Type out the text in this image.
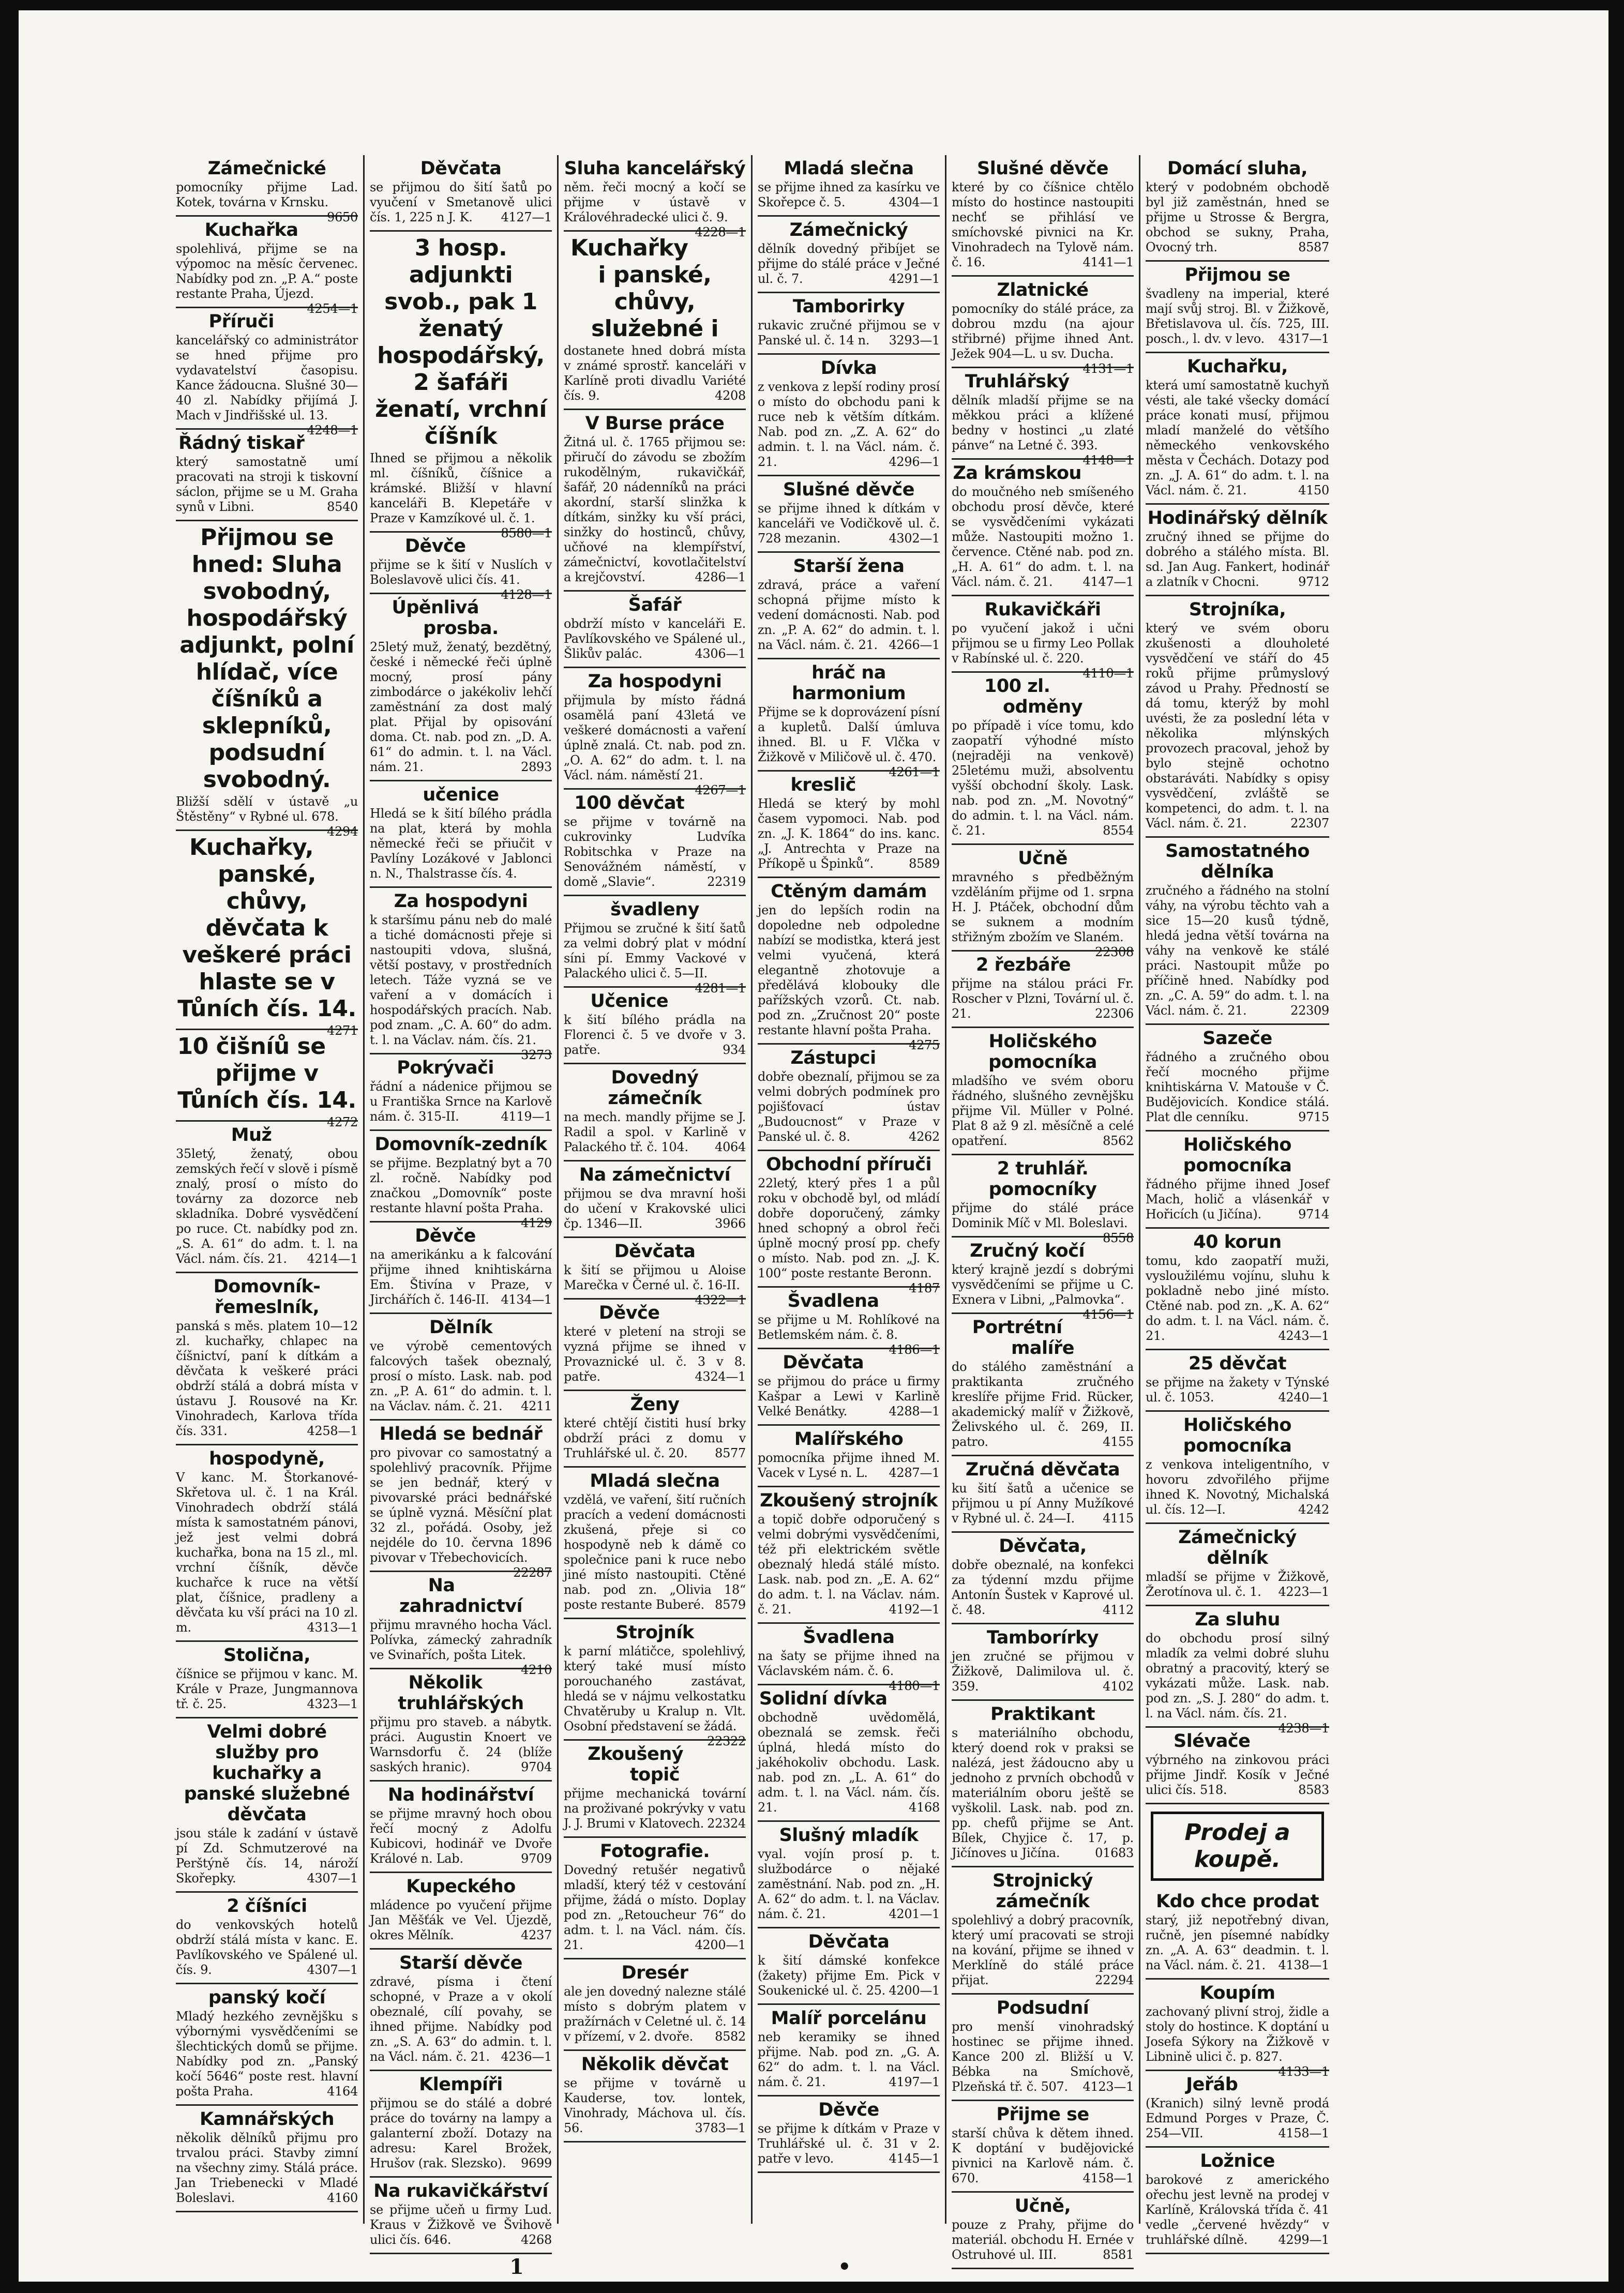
Zámečnické

pomocníky přijme Lad. Kotek, továrna v Krnsku.
9650

Kuchařka

spolehlivá, přijme se na výpomoc na měsíc červenec. Nabídky pod zn. „P. A.“ poste restante Praha, Újezd.
4254—1

Příruči

kancelářský co administrátor se hned přijme pro vydavatelství časopisu. Kance žádoucna. Slušné 30—40 zl. Nabídky přijímá J. Mach v Jindřišské ul. 13.
4248—1

Řádný tiskař

který samostatně umí pracovati na stroji k tiskovní sáclon, přijme se u M. Graha synů v Libni.	8540

Přijmou se hned: Sluha svobodný, hospodářský adjunkt, polní hlídač, více číšníků a sklepníků, podsudní svobodný.

Bližší sdělí v ústavě „u Štěstěny“ v Rybné ul. 678.
4294

Kuchařky, panské, chůvy, děvčata k veškeré práci hlaste se v Tůních čís. 14.

4271

10 čišníů se přijme v Tůních čís. 14.

4272

Muž

35letý, ženatý, obou zemských řečí v slově i písmě znalý, prosí o místo do továrny za dozorce neb skladníka. Dobré vysvědčení po ruce. Ct. nabídky pod zn. „S. A. 61“ do adm. t. l. na Václ. nám. čís. 21. 4214—1

Domovník-řemeslník,

panská s měs. platem 10—12 zl. kuchařky, chlapec na číšnictví, paní k dítkám a děvčata k veškeré práci obdrží stálá a dobrá místa v ústavu J. Rousové na Kr. Vinohradech, Karlova třída čís. 331.	4258—1

hospodyně,

V kanc. M. Štorkanové-Skřetova ul. č. 1 na Král. Vinohradech obdrží stálá místa k samostatném pánovi, jež jest velmi dobrá kuchařka, bona na 15 zl., ml. vrchní číšník, děvče kuchařce k ruce na větší plat, číšnice, pradleny a děvčata ku vší práci na 10 zl. m.	4313—1

Stolična,

číšnice se přijmou v kanc. M. Krále v Praze, Jungmannova tř. č. 25.	4323—1

Velmi dobré služby pro kuchařky a panské služebné děvčata

jsou stále k zadání v ústavě pí Zd. Schmutzerové na Perštýně čís. 14, nároží Skořepky.	4307—1

2 číšníci

do venkovských hotelů obdrží stálá místa v kanc. E. Pavlíkovského ve Spálené ul. čís. 9.	4307—1

panský kočí

Mladý hezkého zevnějšku s výbornými vysvědčeními se šlechtických domů se přijme. Nabídky pod zn. „Panský kočí 5646“ poste rest. hlavní pošta Praha.	4164

Kamnářských

několik dělníků přijmu pro trvalou práci. Stavby zimní na všechny zimy. Stálá práce. Jan Triebenecki v Mladé Boleslavi.	4160

Děvčata

se přijmou do šití šatů po vyučení v Smetanově ulici čís. 1, 225 n J. K. 4127—1

3 hosp. adjunkti svob., pak 1 ženatý hospodářský, 2 šafáři ženatí, vrchní číšník

Ihned se přijmou a několik ml. číšníků, číšnice a krámské. Bližší v hlavní kanceláři B. Klepetáře v Praze v Kamzíkové ul. č. 1.
8580—1

Děvče

přijme se k šití v Nuslích v Boleslavově ulici čís. 41.
4128—1

Úpěnlivá prosba.

25letý muž, ženatý, bezdětný, české i německé řeči úplně mocný, prosí pány zimbodárce o jakékoliv lehčí zaměstnání za dost malý plat. Přijal by opisování doma. Ct. nab. pod zn. „D. A. 61“ do admin. t. l. na Václ. nám. 21.	2893

učenice

Hledá se k šití bílého prádla na plat, která by mohla německé řeči se přiučit v Pavlíny Lozákové v Jablonci n. N., Thalstrasse čís. 4.

Za hospodyni

k staršímu pánu neb do malé a tiché domácnosti přeje si nastoupiti vdova, slušná, větší postavy, v prostředních letech. Táže vyzná se ve vaření a v domácích i hospodářských pracích. Nab. pod znam. „C. A. 60“ do adm. t. l. na Václav. nám. čís. 21.
3273

Pokrývači

řádní a nádenice přijmou se u Františka Srnce na Karlově nám. č. 315-II.	4119—1

Domovník-zedník

se přijme. Bezplatný byt a 70 zl. ročně. Nabídky pod značkou „Domovník“ poste restante hlavní pošta Praha.
4129

Děvče

na amerikánku a k falcování přijme ihned knihtiskárna Em. Štivína v Praze, v Jirchářích č. 146-II. 4134—1

Dělník

ve výrobě cementových falcových tašek obeznalý, prosí o místo. Lask. nab. pod zn. „P. A. 61“ do admin. t. l. na Václav. nám. č. 21. 4211

Hledá se bednář

pro pivovar co samostatný a spolehlivý pracovník. Přijme se jen bednář, který v pivovarské práci bednářské se úplně vyzná. Měsíční plat 32 zl., pořádá. Osoby, jež nejdéle do 10. června 1896 pivovar v Třebechovicích.
22287

Na zahradnictví

přijmu mravného hocha Václ. Polívka, zámecký zahradník ve Svinařích, pošta Litek.
4210

Několik truhlářských

přijmu pro staveb. a nábytk. práci. Augustin Knoert ve Warnsdorfu č. 24 (blíže saských hranic).	9704

Na hodinářství

se přijme mravný hoch obou řečí mocný z Adolfu Kubicovi, hodinář ve Dvoře Králové n. Lab.	9709

Kupeckého

mládence po vyučení přijme Jan Měšťák ve Vel. Újezdě, okres Mělník.	4237

Starší děvče

zdravé, písma i čtení schopné, v Praze a v okolí obeznalé, cílí povahy, se ihned přijme. Nabídky pod zn. „S. A. 63“ do admin. t. l. na Václ. nám. č. 21. 4236—1

Klempíři

přijmou se do stálé a dobré práce do továrny na lampy a galanterní zboží. Dotazy na adresu: Karel Brožek, Hrušov (rak. Slezsko). 9699

Na rukavičkářství

se přijme učeň u firmy Lud. Kraus v Žižkově ve Švihově ulici čís. 646.	4268

Sluha kancelářský

něm. řeči mocný a kočí se přijme v ústavě v Královéhradecké ulici č. 9.
4228—1

Kuchařky i panské, chůvy, služebné i

dostanete hned dobrá místa v známé sprostř. kanceláři v Karlíně proti divadlu Variété čís. 9.	4208

V Burse práce

Žitná ul. č. 1765 přijmou se: přiručí do závodu se zbožím rukodělným, rukavičkář, šafář, 20 nádenníků na práci akordní, starší slinžka k dítkám, sinžky ku vší práci, sinžky do hostinců, chůvy, učňové na klempířství, zámečnictví, kovotlačitelství a krejčovství.	4286—1

Šafář

obdrží místo v kanceláři E. Pavlíkovského ve Spálené ul., Šlikův palác.	4306—1

Za hospodyni

přijmula by místo řádná osamělá paní 43letá ve veškeré domácnosti a vaření úplně znalá. Ct. nab. pod zn. „O. A. 62“ do adm. t. l. na Václ. nám. náměstí 21.
4267—1

100 děvčat

se přijme v továrně na cukrovinky Ludvíka Robitschka v Praze na Senovážném náměstí, v domě „Slavie“.	22319

švadleny

Přijmou se zručné k šití šatů za velmi dobrý plat v módní síni pí. Emmy Vackové v Palackého ulici č. 5—II.
4281—1

Učenice

k šití bílého prádla na Florenci č. 5 ve dvoře v 3. patře.	934

Dovedný zámečník

na mech. mandly přijme se J. Radil a spol. v Karlině v Palackého tř. č. 104. 4064

Na zámečnictví

přijmou se dva mravní hoši do učení v Krakovské ulici čp. 1346—II.	3966

Děvčata

k šití se přijmou u Aloise Marečka v Černé ul. č. 16-II.
4322—1

Děvče

které v pletení na stroji se vyzná přijme se ihned v Provaznické ul. č. 3 v 8. patře.	4324—1

Ženy

které chtějí čistiti husí brky obdrží práci z domu v Truhlářské ul. č. 20. 8577

Mladá slečna

vzdělá, ve vaření, šití ručních pracích a vedení domácnosti zkušená, přeje si co hospodyně neb k dámě co společnice pani k ruce nebo jiné místo nastoupiti. Ctěné nab. pod zn. „Olivia 18“ poste restante Buberé. 8579

Strojník

k parní mlátičce, spolehlivý, který také musí místo porouchaného zastávat, hledá se v nájmu velkostatku Chvatěruby u Kralup n. Vlt. Osobní představení se žádá.
22322

Zkoušený topič

přijme mechanická tovární na proživané pokrývky v vatu J. J. Brumi v Klatovech. 22324

Fotografie.

Dovedný retušér negativů mladší, který též v cestování přijme, žádá o místo. Doplay pod zn. „Retoucheur 76“ do adm. t. l. na Václ. nám. čís. 21.	4200—1

Dresér

ale jen dovedný nalezne stálé místo s dobrým platem v pražírnách v Celetné ul. č. 14 v přízemí, v 2. dvoře. 8582

Několik děvčat

se přijme v továrně u Kauderse, tov. lontek, Vinohrady, Máchova ul. čís. 56.	3783—1

Mladá slečna

se přijme ihned za kasírku ve Skořepce č. 5.	4304—1

Zámečnický

dělník dovedný přibíjet se přijme do stálé práce v Ječné ul. č. 7.	4291—1

Tamborirky

rukavic zručné přijmou se v Panské ul. č. 14 n. 3293—1

Dívka

z venkova z lepší rodiny prosí o místo do obchodu pani k ruce neb k větším dítkám. Nab. pod zn. „Z. A. 62“ do admin. t. l. na Václ. nám. č. 21.	4296—1

Slušné děvče

se přijme ihned k dítkám v kanceláři ve Vodičkově ul. č. 728 mezanin.	4302—1

Starší žena

zdravá, práce a vaření schopná přijme místo k vedení domácnosti. Nab. pod zn. „P. A. 62“ do admin. t. l. na Václ. nám. č. 21. 4266—1

hráč na harmonium

Přijme se k doprovázení písní a kupletů. Další úmluva ihned. Bl. u F. Vlčka v Žižkově v Miličově ul. č. 470.
4261—1

kreslič

Hledá se který by mohl časem vypomoci. Nab. pod zn. „J. K. 1864“ do ins. kanc. „J. Antrechta v Praze na Příkopě u Špinků“.	8589

Ctěným damám

jen do lepších rodin na dopoledne neb odpoledne nabízí se modistka, která jest velmi vyučená, která elegantně zhotovuje a předělává klobouky dle pařížských vzorů. Ct. nab. pod zn. „Zručnost 20“ poste restante hlavní pošta Praha.
4275

Zástupci

dobře obeznalí, přijmou se za velmi dobrých podmínek pro pojišťovací ústav „Budoucnost“ v Praze v Panské ul. č. 8.	4262

Obchodní příruči

22letý, který přes 1 a půl roku v obchodě byl, od mládí dobře doporučený, zámky hned schopný a obrol řeči úplně mocný prosí pp. chefy o místo. Nab. pod zn. „J. K. 100“ poste restante Beronn.
4187

Švadlena

se přijme u M. Rohlíkové na Betlemském nám. č. 8.
4186—1

Děvčata

se přijmou do práce u firmy Kašpar a Lewi v Karlině Velké Benátky.	4288—1

Malířského

pomocníka přijme ihned M. Vacek v Lysé n. L. 4287—1

Zkoušený strojník

a topič dobře odporučený s velmi dobrými vysvědčeními, též při elektrickém světle obeznalý hledá stálé místo. Lask. nab. pod zn. „E. A. 62“ do adm. t. l. na Václav. nám. č. 21.	4192—1

Švadlena

na šaty se přijme ihned na Václavském nám. č. 6.
4180—1

Solidní dívka

obchodně uvědomělá, obeznalá se zemsk. řeči úplná, hledá místo do jakéhokoliv obchodu. Lask. nab. pod zn. „L. A. 61“ do adm. t. l. na Václ. nám. čís. 21.	4168

Slušný mladík

vyal. vojín prosí p. t. službodárce o nějaké zaměstnání. Nab. pod zn. „H. A. 62“ do adm. t. l. na Václav. nám. č. 21.	4201—1

Děvčata

k šití dámské konfekce (žakety) přijme Em. Pick v Soukenické ul. č. 25. 4200—1

Malíř porcelánu

neb keramiky se ihned přijme. Nab. pod zn. „G. A. 62“ do adm. t. l. na Václ. nám. č. 21.	4197—1

Děvče

se přijme k dítkám v Praze v Truhlářské ul. č. 31 v 2. patře v levo.	4145—1

Slušné děvče

které by co číšnice chtělo místo do hostince nastoupiti nechť se přihlásí ve smíchovské pivnici na Kr. Vinohradech na Tylově nám. č. 16.	4141—1

Zlatnické

pomocníky do stálé práce, za dobrou mzdu (na ajour střibrné) přijme ihned Ant. Ježek 904—L. u sv. Ducha.
4131—1

Truhlářský

dělník mladší přijme se na měkkou práci a klížené bedny v hostinci „u zlaté pánve“ na Letné č. 393.
4148—1

Za krámskou

do moučného neb smíšeného obchodu prosí děvče, které se vysvědčeními vykázati může. Nastoupiti možno 1. července. Ctěné nab. pod zn. „H. A. 61“ do adm. t. l. na Václ. nám. č. 21. 4147—1

Rukavičkáři

po vyučení jakož i učni přijmou se u firmy Leo Pollak v Rabínské ul. č. 220.
4110—1

100 zl. odměny

po případě i více tomu, kdo zaopatří výhodné místo (nejraději na venkově) 25letému muži, absolventu vyšší obchodní školy. Lask. nab. pod zn. „M. Novotný“ do admin. t. l. na Václ. nám. č. 21.	8554

Učně

mravného s předběžným vzděláním přijme od 1. srpna H. J. Ptáček, obchodní dům se suknem a modním střižným zbožím ve Slaném.
22308

2 řezbáře

přijme na stálou práci Fr. Roscher v Plzni, Tovární ul. č. 21.	22306

Holičského pomocníka

mladšího ve svém oboru řádného, slušného zevnějšku přijme Vil. Müller v Polné. Plat 8 až 9 zl. měsíčně a celé opatření.	8562

2 truhlář. pomocníky

přijme do stálé práce Dominik Míč v Ml. Boleslavi.
8558

Zručný kočí

který krajně jezdí s dobrými vysvědčeními se přijme u C. Exnera v Libni, „Palmovka“.
4156—1

Portrétní malíře

do stálého zaměstnání a praktikanta zručného kreslíře přijme Frid. Rücker, akademický malíř v Žižkově, Želivského ul. č. 269, II. patro.	4155

Zručná děvčata

ku šití šatů a učenice se přijmou u pí Anny Mužíkové v Rybné ul. č. 24—I. 4115

Děvčata,

dobře obeznalé, na konfekci za týdenní mzdu přijme Antonín Šustek v Kaprové ul. č. 48.	4112

Tamborírky

jen zručné se přijmou v Žižkově, Dalimilova ul. č. 359.	4102

Praktikant

s materiálního obchodu, který doend rok v praksi se nalézá, jest žádoucno aby u jednoho z prvních obchodů v materiálním oboru ještě se vyškolil. Lask. nab. pod zn. pp. chefů přijme se Ant. Bílek, Chyjice č. 17, p. Jičínoves u Jičína.	01683

Strojnický zámečník

spolehlivý a dobrý pracovník, který umí pracovati se stroji na kování, přijme se ihned v Merklíně do stálé práce přijat.	22294

Podsudní

pro menší vinohradský hostinec se přijme ihned. Kance 200 zl. Bližší u V. Bébka na Smíchově, Plzeňská tř. č. 507. 4123—1

Přijme se

starší chůva k dětem ihned. K doptání v budějovické pivnici na Karlově nám. č. 670.	4158—1

Učně,

pouze z Prahy, přijme do materiál. obchodu H. Ernée v Ostruhové ul. III.	8581

Domácí sluha,

který v podobném obchodě byl již zaměstnán, hned se přijme u Strosse & Bergra, obchod se sukny, Praha, Ovocný trh.	8587

Přijmou se

švadleny na imperial, které mají svůj stroj. Bl. v Žižkově, Břetislavova ul. čís. 725, III. posch., l. dv. v levo. 4317—1

Kuchařku,

která umí samostatně kuchyň vésti, ale také všecky domácí práce konati musí, přijmou mladí manželé do většího německého venkovského města v Čechách. Dotazy pod zn. „J. A. 61“ do adm. t. l. na Václ. nám. č. 21.	4150

Hodinářský dělník

zručný ihned se přijme do dobrého a stálého místa. Bl. sd. Jan Aug. Fankert, hodinář a zlatník v Chocni.	9712

Strojníka,

který ve svém oboru zkušenosti a dlouholeté vysvědčení ve stáří do 45 roků přijme průmyslový závod u Prahy. Předností se dá tomu, kterýž by mohl uvésti, že za poslední léta v několika mlýnských provozech pracoval, jehož by bylo stejně ochotno obstaráváti. Nabídky s opisy vysvědčení, zvláště se kompetenci, do adm. t. l. na Václ. nám. č. 21.	22307

Samostatného dělníka

zručného a řádného na stolní váhy, na výrobu těchto vah a sice 15—20 kusů týdně, hledá jedna větší továrna na váhy na venkově ke stálé práci. Nastoupit může po příčině hned. Nabídky pod zn. „C. A. 59“ do adm. t. l. na Václ. nám. č. 21.	22309

Sazeče

řádného a zručného obou řečí mocného přijme knihtiskárna V. Matouše v Č. Budějovicích. Kondice stálá. Plat dle cenníku.	9715

Holičského pomocníka

řádného přijme ihned Josef Mach, holič a vlásenkář v Hořicích (u Jičína).	9714

40 korun

tomu, kdo zaopatří muži, vysloužilému vojínu, sluhu k pokladně nebo jiné místo. Ctěné nab. pod zn. „K. A. 62“ do adm. t. l. na Václ. nám. č. 21.	4243—1

25 děvčat

se přijme na žakety v Týnské ul. č. 1053.	4240—1

Holičského pomocníka

z venkova inteligentního, v hovoru zdvořilého přijme ihned K. Novotný, Michalská ul. čís. 12—I.	4242

Zámečnický dělník

mladší se přijme v Žižkově, Žerotínova ul. č. 1. 4223—1

Za sluhu

do obchodu prosí silný mladík za velmi dobré sluhu obratný a pracovitý, který se vykázati může. Lask. nab. pod zn. „S. J. 280“ do adm. t. l. na Václ. nám. čís. 21.
4238—1

Slévače

výbrného na zinkovou práci přijme Jindř. Kosík v Ječné ulici čís. 518.	8583

Prodej a koupě.
Kdo chce prodat

starý, již nepotřebný divan, ručně, jen písemné nabídky zn. „A. A. 63“ deadmin. t. l. na Václ. nám. č. 21. 4138—1

Koupím

zachovaný plivní stroj, židle a stoly do hostince. K doptání u Josefa Sýkory na Žižkově v Libnině ulici č. p. 827.
4133—1

Jeřáb

(Kranich) silný levně prodá Edmund Porges v Praze, Č. 254—VII.	4158—1

Ložnice

barokové z amerického ořechu jest levně na prodej v Karlíně, Královská třída č. 41 vedle „červené hvězdy“ v truhlářské dílně. 4299—1

1	•
